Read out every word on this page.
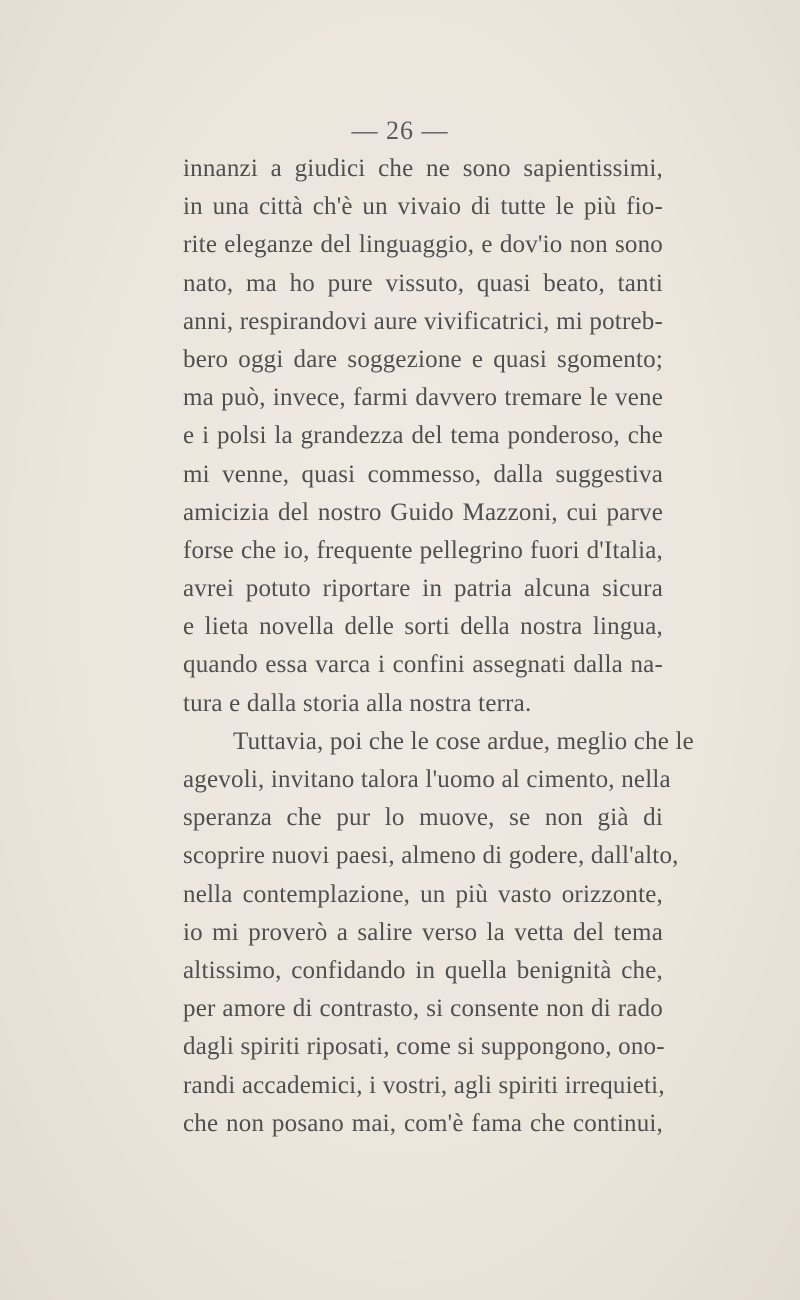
— 26 —
innanzi a giudici che ne sono sapientissimi,
in una città ch'è un vivaio di tutte le più fio-
rite eleganze del linguaggio, e dov'io non sono
nato, ma ho pure vissuto, quasi beato, tanti
anni, respirandovi aure vivificatrici, mi potreb-
bero oggi dare soggezione e quasi sgomento;
ma può, invece, farmi davvero tremare le vene
e i polsi la grandezza del tema ponderoso, che
mi venne, quasi commesso, dalla suggestiva
amicizia del nostro Guido Mazzoni, cui parve
forse che io, frequente pellegrino fuori d'Italia,
avrei potuto riportare in patria alcuna sicura
e lieta novella delle sorti della nostra lingua,
quando essa varca i confini assegnati dalla na-
tura e dalla storia alla nostra terra.
Tuttavia, poi che le cose ardue, meglio che le
agevoli, invitano talora l'uomo al cimento, nella
speranza che pur lo muove, se non già di
scoprire nuovi paesi, almeno di godere, dall'alto,
nella contemplazione, un più vasto orizzonte,
io mi proverò a salire verso la vetta del tema
altissimo, confidando in quella benignità che,
per amore di contrasto, si consente non di rado
dagli spiriti riposati, come si suppongono, ono-
randi accademici, i vostri, agli spiriti irrequieti,
che non posano mai, com'è fama che continui,
